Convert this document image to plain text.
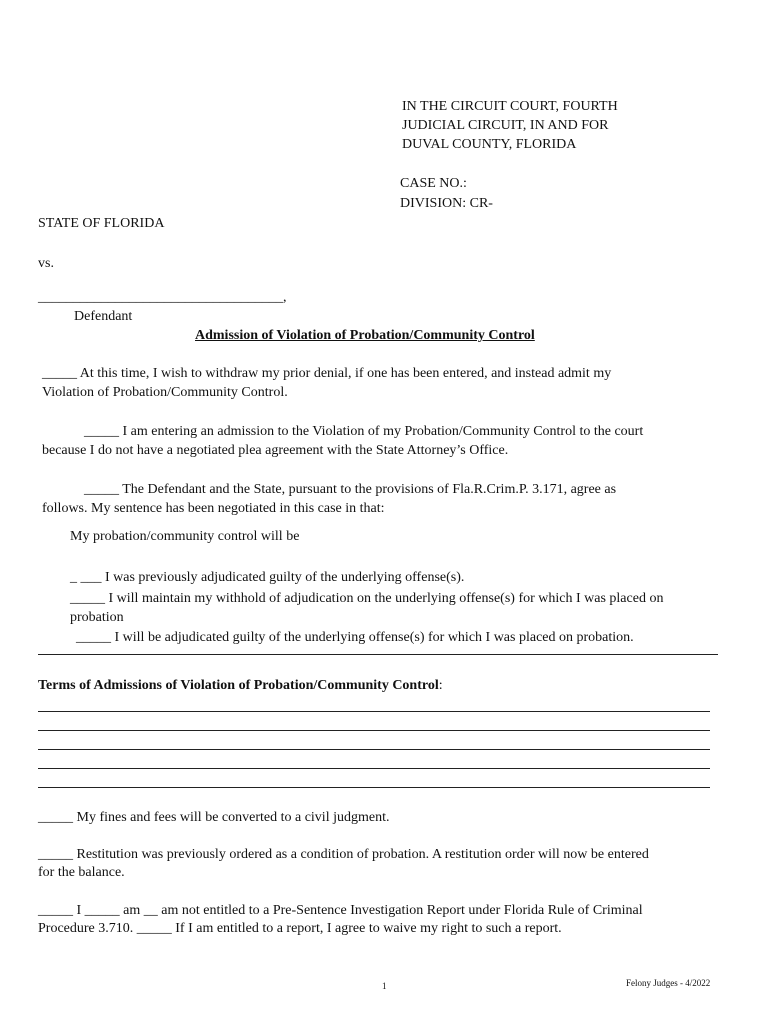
IN THE CIRCUIT COURT, FOURTH
JUDICIAL CIRCUIT, IN AND FOR
DUVAL COUNTY, FLORIDA
CASE NO.:
DIVISION: CR-
STATE OF FLORIDA
vs.
___________________________________,
Defendant
Admission of Violation of Probation/Community Control
_____ At this time, I wish to withdraw my prior denial, if one has been entered, and instead admit my
Violation of Probation/Community Control.
_____ I am entering an admission to the Violation of my Probation/Community Control to the court
because I do not have a negotiated plea agreement with the State Attorney’s Office.
_____ The Defendant and the State, pursuant to the provisions of Fla.R.Crim.P. 3.171, agree as
follows. My sentence has been negotiated in this case in that:
My probation/community control will be
_ ___ I was previously adjudicated guilty of the underlying offense(s).
_____ I will maintain my withhold of adjudication on the underlying offense(s) for which I was placed on
probation
_____ I will be adjudicated guilty of the underlying offense(s) for which I was placed on probation.
Terms of Admissions of Violation of Probation/Community Control:
_____ My fines and fees will be converted to a civil judgment.
_____ Restitution was previously ordered as a condition of probation. A restitution order will now be entered
for the balance.
_____ I _____ am __ am not entitled to a Pre-Sentence Investigation Report under Florida Rule of Criminal
Procedure 3.710. _____ If I am entitled to a report, I agree to waive my right to such a report.
1	Felony Judges - 4/2022
